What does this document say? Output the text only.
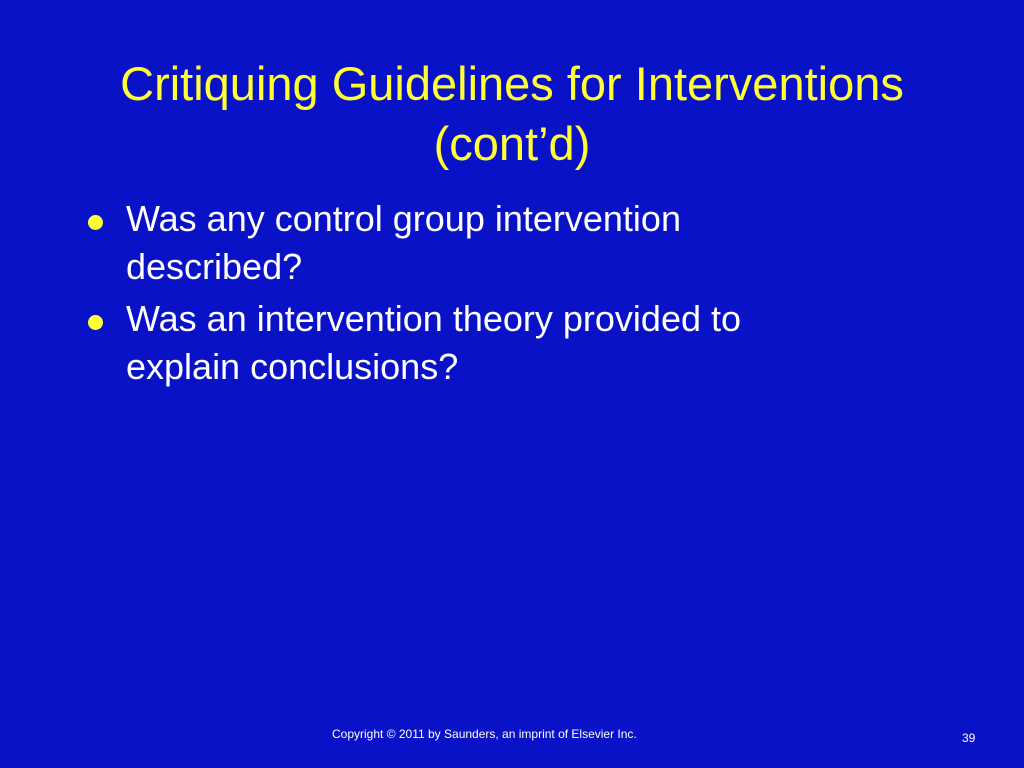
Critiquing Guidelines for Interventions
(cont’d)
Was any control group intervention described?
Was an intervention theory provided to explain conclusions?
Copyright © 2011 by Saunders, an imprint of Elsevier Inc.	39
